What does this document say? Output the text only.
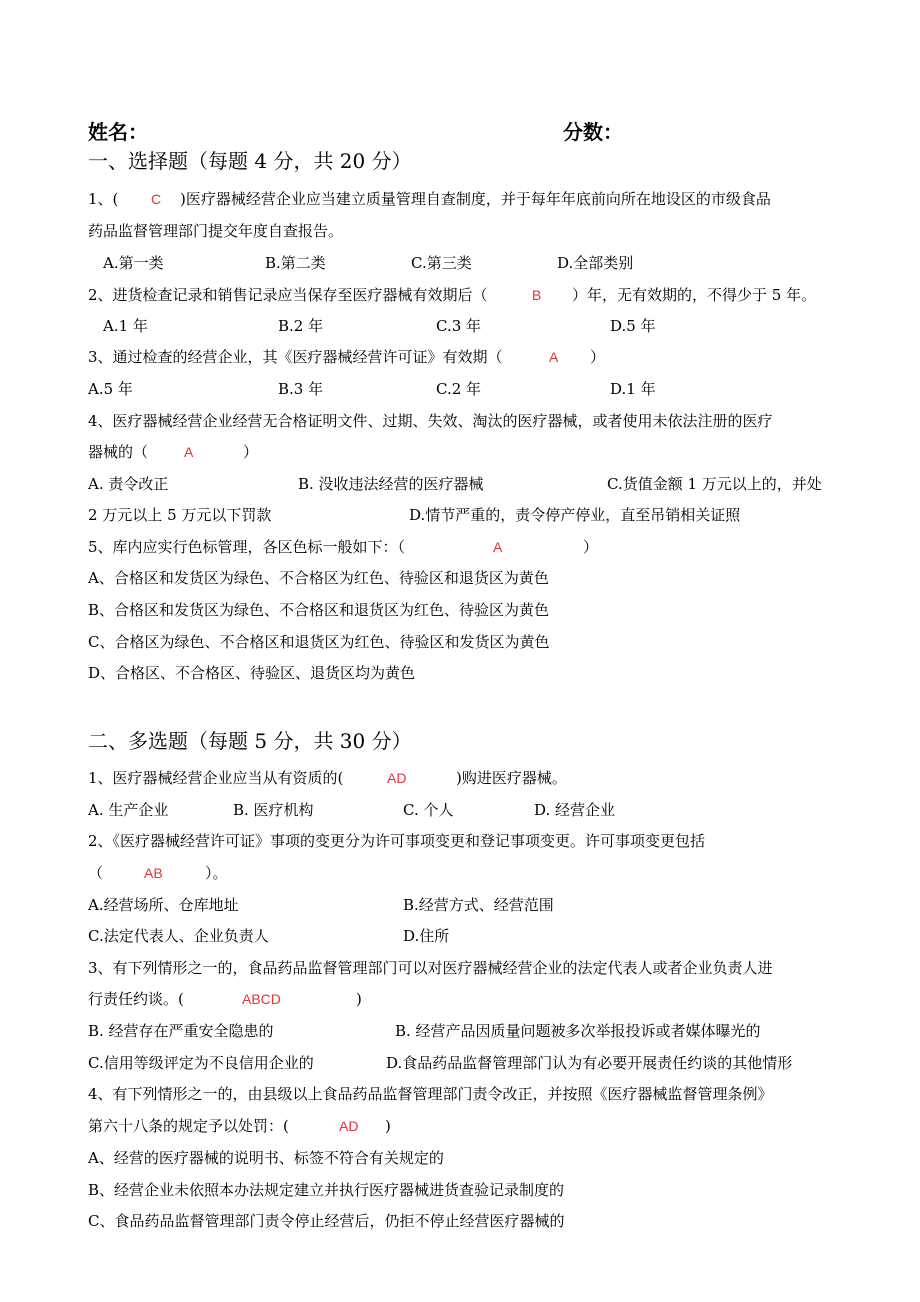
姓名：	分数：
一、选择题（每题 4 分，共 20 分）
1、( C )医疗器械经营企业应当建立质量管理自查制度，并于每年年底前向所在地设区的市级食品
药品监督管理部门提交年度自查报告。
A.第一类	B.第二类	C.第三类	D.全部类别
2、进货检查记录和销售记录应当保存至医疗器械有效期后（	B ）年，无有效期的，不得少于 5 年。
A.1 年	B.2 年	C.3 年	D.5 年
3、通过检查的经营企业，其《医疗器械经营许可证》有效期（	A ）
A.5 年	B.3 年	C.2 年	D.1 年
4、医疗器械经营企业经营无合格证明文件、过期、失效、淘汰的医疗器械，或者使用未依法注册的医疗
器械的（	A	）
A. 责令改正	B. 没收违法经营的医疗器械	C.货值金额 1 万元以上的，并处
2 万元以上 5 万元以下罚款	D.情节严重的，责令停产停业，直至吊销相关证照
5、库内应实行色标管理，各区色标一般如下：（	A	）
A、合格区和发货区为绿色、不合格区为红色、待验区和退货区为黄色
B、合格区和发货区为绿色、不合格区和退货区为红色、待验区为黄色
C、合格区为绿色、不合格区和退货区为红色、待验区和发货区为黄色
D、合格区、不合格区、待验区、退货区均为黄色
二、多选题（每题 5 分，共 30 分）
1、医疗器械经营企业应当从有资质的(	AD	)购进医疗器械。
A. 生产企业	B. 医疗机构	C. 个人	D. 经营企业
2、《医疗器械经营许可证》事项的变更分为许可事项变更和登记事项变更。许可事项变更包括
（	AB	）。
A.经营场所、仓库地址	B.经营方式、经营范围
C.法定代表人、企业负责人	D.住所
3、有下列情形之一的，食品药品监督管理部门可以对医疗器械经营企业的法定代表人或者企业负责人进
行责任约谈。(	ABCD	)
B. 经营存在严重安全隐患的	B. 经营产品因质量问题被多次举报投诉或者媒体曝光的
C.信用等级评定为不良信用企业的	D.食品药品监督管理部门认为有必要开展责任约谈的其他情形
4、有下列情形之一的，由县级以上食品药品监督管理部门责令改正，并按照《医疗器械监督管理条例》
第六十八条的规定予以处罚：(	AD )
A、经营的医疗器械的说明书、标签不符合有关规定的
B、经营企业未依照本办法规定建立并执行医疗器械进货查验记录制度的
C、食品药品监督管理部门责令停止经营后，仍拒不停止经营医疗器械的
